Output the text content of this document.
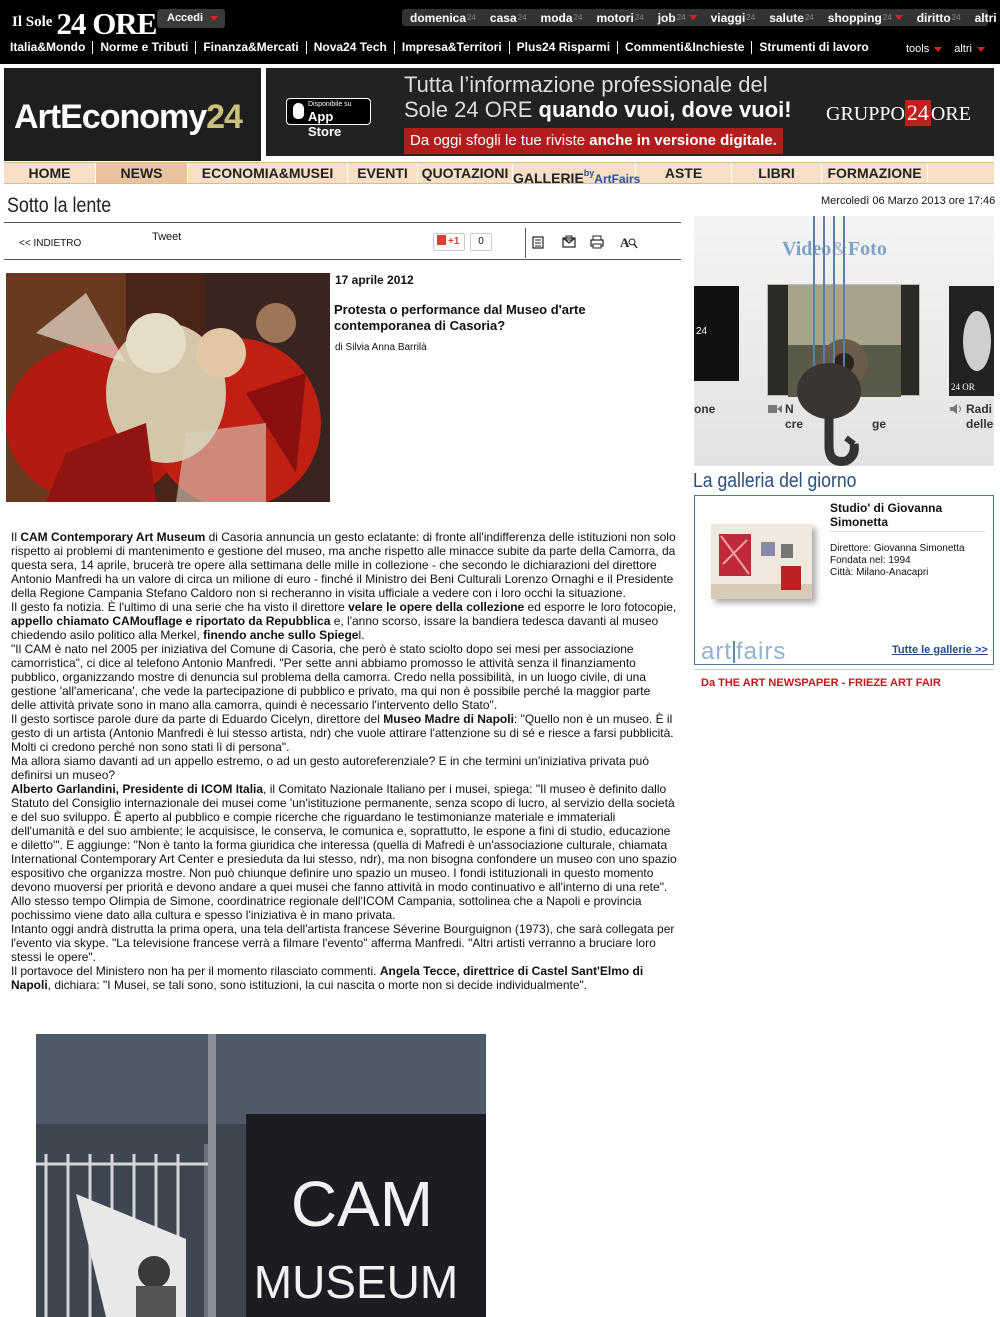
Il Sole 24 ORE Accedi	domenica 24 casa 24 moda 24 motori 24 job 24 viaggi 24 salute 24 shopping 24 diritto 24 altri
Italia&Mondo	Norme e Tributi	Finanza&Mercati	Nova24 Tech	Impresa&Territori	Plus24 Risparmi	Commenti&Inchieste	Strumenti di lavoro	tools altri
ArtEconomy24	Disponibile su
App Store
Tutta l’informazione professionale del
Sole 24 ORE quando vuoi, dove vuoi!
Da oggi sfogli le tue riviste anche in versione digitale.
GRUPPO24 ORE
HOME	NEWS	ECONOMIA&MUSEI	EVENTI QUOTAZIONI $GALLERIE^{by}ArtFairs$	ASTE	LIBRI	FORMAZIONE
Sotto la lente	Mercoledì 06 Marzo 2013 ore 17:46
<< INDIETRO
Tweet	+1	0	A
17 aprile 2012
Protesta o performance dal Museo d'arte contemporanea di Casoria?
di Silvia Anna Barrilà

Il CAM Contemporary Art Museum di Casoria annuncia un gesto eclatante: di fronte all'indifferenza delle istituzioni non solo rispetto ai problemi di mantenimento e gestione del museo, ma anche rispetto alle minacce subite da parte della Camorra, da questa sera, 14 aprile, brucerà tre opere alla settimana delle mille in collezione - che secondo le dichiarazioni del direttore Antonio Manfredi ha un valore di circa un milione di euro - finché il Ministro dei Beni Culturali Lorenzo Ornaghi e il Presidente della Regione Campania Stefano Caldoro non si recheranno in visita ufficiale a vedere con i loro occhi la situazione.

Il gesto fa notizia. È l'ultimo di una serie che ha visto il direttore velare le opere della collezione ed esporre le loro fotocopie, appello chiamato CAMouflage e riportato da Repubblica e, l'anno scorso, issare la bandiera tedesca davanti al museo chiedendo asilo politico alla Merkel, finendo anche sullo Spiegel.

"Il CAM è nato nel 2005 per iniziativa del Comune di Casoria, che però è stato sciolto dopo sei mesi per associazione camorristica", ci dice al telefono Antonio Manfredi. "Per sette anni abbiamo promosso le attività senza il finanziamento pubblico, organizzando mostre di denuncia sul problema della camorra. Credo nella possibilità, in un luogo civile, di una gestione 'all'americana', che vede la partecipazione di pubblico e privato, ma qui non è possibile perché la maggior parte delle attività private sono in mano alla camorra, quindi è necessario l'intervento dello Stato".

Il gesto sortisce parole dure da parte di Eduardo Cicelyn, direttore del Museo Madre di Napoli: "Quello non è un museo. È il gesto di un artista (Antonio Manfredi è lui stesso artista, ndr) che vuole attirare l'attenzione su di sé e riesce a farsi pubblicità. Molti ci credono perché non sono stati lì di persona".

Ma allora siamo davanti ad un appello estremo, o ad un gesto autoreferenziale? E in che termini un'iniziativa privata può definirsi un museo?

Alberto Garlandini, Presidente di ICOM Italia, il Comitato Nazionale Italiano per i musei, spiega: "Il museo è definito dallo Statuto del Consiglio internazionale dei musei come 'un'istituzione permanente, senza scopo di lucro, al servizio della società e del suo sviluppo. È aperto al pubblico e compie ricerche che riguardano le testimonianze materiale e immateriali dell'umanità e del suo ambiente; le acquisisce, le conserva, le comunica e, soprattutto, le espone a fini di studio, educazione e diletto'". E aggiunge: "Non è tanto la forma giuridica che interessa (quella di Mafredi è un'associazione culturale, chiamata International Contemporary Art Center e presieduta da lui stesso, ndr), ma non bisogna confondere un museo con uno spazio espositivo che organizza mostre. Non può chiunque definire uno spazio un museo. I fondi istituzionali in questo momento devono muoversi per priorità e devono andare a quei musei che fanno attività in modo continuativo e all'interno di una rete".

Allo stesso tempo Olimpia de Simone, coordinatrice regionale dell'ICOM Campania, sottolinea che a Napoli e provincia pochissimo viene dato alla cultura e spesso l'iniziativa è in mano privata.

Intanto oggi andrà distrutta la prima opera, una tela dell'artista francese Séverine Bourguignon (1973), che sarà collegata per l'evento via skype. "La televisione francese verrà a filmare l'evento" afferma Manfredi. "Altri artisti verranno a bruciare loro stessi le opere".

Il portavoce del Ministero non ha per il momento rilasciato commenti. Angela Tecce, direttrice di Castel Sant'Elmo di Napoli, dichiara: "I Musei, se tali sono, sono istituzioni, la cui nascita o morte non si decide individualmente".

CAM
MUSEUM
Video&Foto
24
one	N
cre	ge
24 OR
Radi
delle
La galleria del giorno
Studio' di Giovanna Simonetta
Direttore: Giovanna Simonetta
Fondata nel: 1994
Città: Milano-Anacapri
art fairs	Tutte le gallerie >>
Da THE ART NEWSPAPER - FRIEZE ART FAIR
